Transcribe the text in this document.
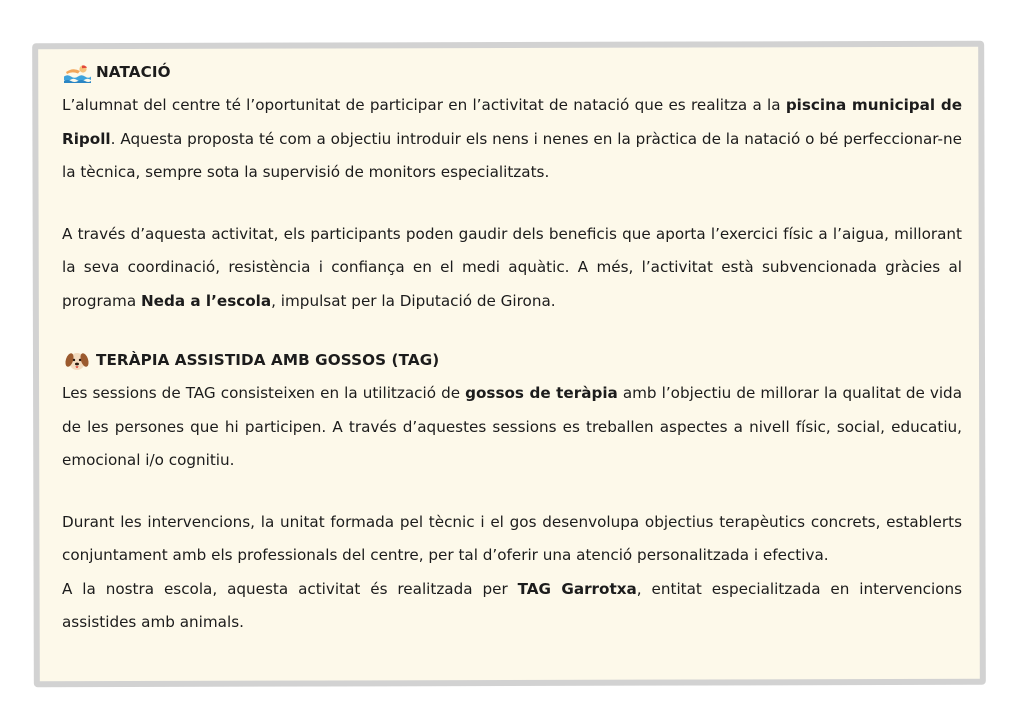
NATACIÓ

L’alumnat del centre té l’oportunitat de participar en l’activitat de natació que es realitza a la piscina municipal de Ripoll. Aquesta proposta té com a objectiu introduir els nens i nenes en la pràctica de la natació o bé perfeccionar-ne la tècnica, sempre sota la supervisió de monitors especialitzats.

A través d’aquesta activitat, els participants poden gaudir dels beneficis que aporta l’exercici físic a l’aigua, millorant la seva coordinació, resistència i confiança en el medi aquàtic. A més, l’activitat està subvencionada gràcies al programa Neda a l’escola, impulsat per la Diputació de Girona.

TERÀPIA ASSISTIDA AMB GOSSOS (TAG)

Les sessions de TAG consisteixen en la utilització de gossos de teràpia amb l’objectiu de millorar la qualitat de vida de les persones que hi participen. A través d’aquestes sessions es treballen aspectes a nivell físic, social, educatiu, emocional i/o cognitiu.

Durant les intervencions, la unitat formada pel tècnic i el gos desenvolupa objectius terapèutics concrets, establerts conjuntament amb els professionals del centre, per tal d’oferir una atenció personalitzada i efectiva.

A la nostra escola, aquesta activitat és realitzada per TAG Garrotxa, entitat especialitzada en intervencions assistides amb animals.
